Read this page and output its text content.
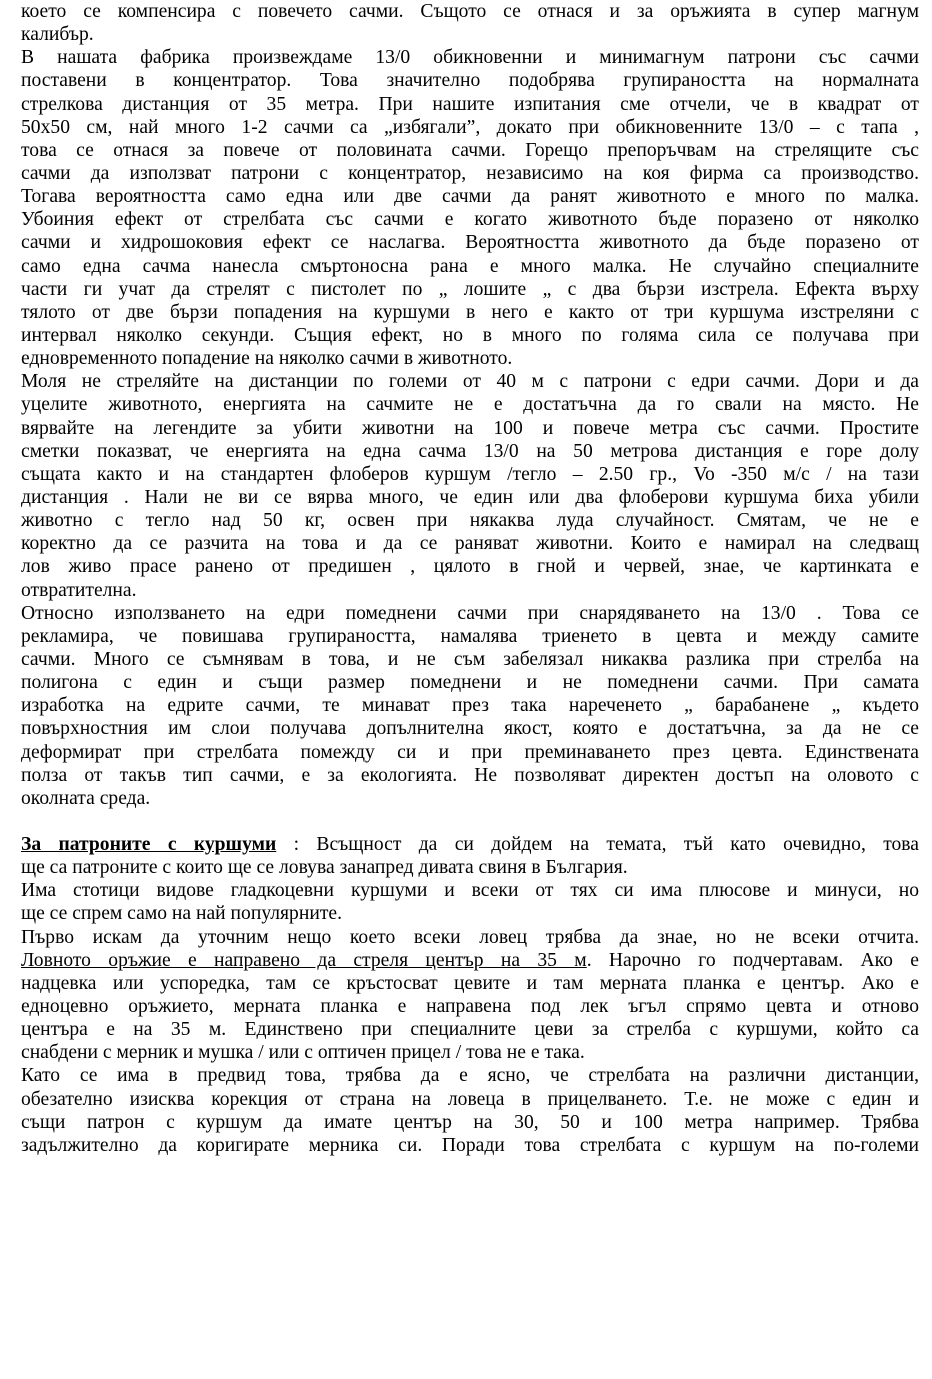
което се компенсира с повечето сачми. Същото се отнася и за оръжията в супер магнум
калибър.
В нашата фабрика произвеждаме 13/0 обикновенни и минимагнум патрони със сачми
поставени в концентратор. Това значително подобрява групираността на нормалната
стрелкова дистанция от 35 метра. При нашите изпитания сме отчели, че в квадрат от
50х50 см, най много 1-2 сачми са „избягали”, докато при обикновенните 13/0 – с тапа ,
това се отнася за повече от половината сачми. Горещо препоръчвам на стрелящите със
сачми да използват патрони с концентратор, независимо на коя фирма са производство.
Тогава вероятността само една или две сачми да ранят животното е много по малка.
Убоиния ефект от стрелбата със сачми е когато животното бъде поразено от няколко
сачми и хидрошоковия ефект се наслагва. Вероятността животното да бъде поразено от
само една сачма нанесла смъртоносна рана е много малка. Не случайно специалните
части ги учат да стрелят с пистолет по „ лошите „ с два бързи изстрела. Ефекта върху
тялото от две бързи попадения на куршуми в него е както от три куршума изстреляни с
интервал няколко секунди. Същия ефект, но в много по голяма сила се получава при
едновременното попадение на няколко сачми в животното.
Моля не стреляйте на дистанции по големи от 40 м с патрони с едри сачми. Дори и да
уцелите животното, енергията на сачмите не е достатъчна да го свали на място. Не
вярвайте на легендите за убити животни на 100 и повече метра със сачми. Простите
сметки показват, че енергията на една сачма 13/0 на 50 метрова дистанция е горе долу
същата както и на стандартен флоберов куршум /тегло – 2.50 гр., Vo -350 м/с / на тази
дистанция . Нали не ви се вярва много, че един или два флоберови куршума биха убили
животно с тегло над 50 кг, освен при някаква луда случайност. Смятам, че не е
коректно да се разчита на това и да се раняват животни. Които е намирал на следващ
лов живо прасе ранено от предишен , цялото в гной и червей, знае, че картинката е
отвратителна.
Относно използването на едри помеднени сачми при снарядяването на 13/0 . Това се
рекламира, че повишава групираността, намалява триенето в цевта и между самите
сачми. Много се съмнявам в това, и не съм забелязал никаква разлика при стрелба на
полигона с един и същи размер помеднени и не помеднени сачми. При самата
изработка на едрите сачми, те минават през така нареченето „ барабанене „ където
повърхностния им слои получава допълнителна якост, която е достатъчна, за да не се
деформират при стрелбата помежду си и при преминаването през цевта. Единствената
полза от такъв тип сачми, е за екологията. Не позволяват директен достъп на оловото с
околната среда.
За патроните с куршуми : Всъщност да си дойдем на темата, тъй като очевидно, това
ще са патроните с които ще се ловува занапред дивата свиня в България.
Има стотици видове гладкоцевни куршуми и всеки от тях си има плюсове и минуси, но
ще се спрем само на най популярните.
Първо искам да уточним нещо което всеки ловец трябва да знае, но не всеки отчита.
Ловното оръжие е направено да стреля център на 35 м. Нарочно го подчертавам. Ако е
надцевка или успоредка, там се кръстосват цевите и там мерната планка е център. Ако е
едноцевно оръжието, мерната планка е направена под лек ъгъл спрямо цевта и отново
центъра е на 35 м. Единствено при специалните цеви за стрелба с куршуми, който са
снабдени с мерник и мушка / или с оптичен прицел / това не е така.
Като се има в предвид това, трябва да е ясно, че стрелбата на различни дистанции,
обезателно изисква корекция от страна на ловеца в прицелването. Т.е. не може с един и
същи патрон с куршум да имате център на 30, 50 и 100 метра например. Трябва
задължително да коригирате мерника си. Поради това стрелбата с куршум на по-големи
